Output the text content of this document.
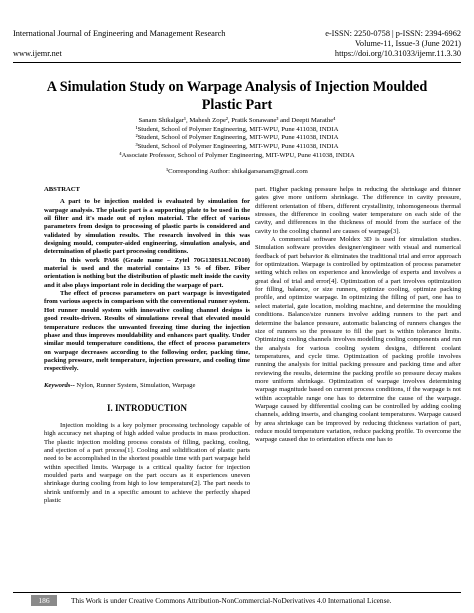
International Journal of Engineering and Management Research	e-ISSN: 2250-0758 | p-ISSN: 2394-6962
Volume-11, Issue-3 (June 2021)
www.ijemr.net	https://doi.org/10.31033/ijemr.11.3.30
A Simulation Study on Warpage Analysis of Injection Moulded Plastic Part
Sanam Shikalgar¹, Mahesh Zope², Pratik Sonawane³ and Deepti Marathe⁴
¹Student, School of Polymer Engineering, MIT-WPU, Pune 411038, INDIA
²Student, School of Polymer Engineering, MIT-WPU, Pune 411038, INDIA
³Student, School of Polymer Engineering, MIT-WPU, Pune 411038, INDIA
⁴Associate Professor, School of Polymer Engineering, MIT-WPU, Pune 411038, INDIA
¹Corresponding Author: shikalgarsanam@gmail.com
ABSTRACT

A part to be injection molded is evaluated by simulation for warpage analysis. The plastic part is a supporting plate to be used in the oil filter and it's made out of nylon material. The effect of various parameters from design to processing of plastic parts is considered and validated by simulation results. The research involved in this was designing mould, computer-aided engineering, simulation analysis, and determination of plastic part processing conditions.

In this work PA66 (Grade name – Zytel 70G13HS1LNC010) material is used and the material contains 13 % of fiber. Fiber orientation is nothing but the distribution of plastic melt inside the cavity and it also plays important role in deciding the warpage of part.

The effect of process parameters on part warpage is investigated from various aspects in comparison with the conventional runner system. Hot runner mould system with innovative cooling channel designs is good results-driven. Results of simulations reveal that elevated mould temperature reduces the unwanted freezing time during the injection phase and thus improves mouldability and enhances part quality. Under similar mould temperature conditions, the effect of process parameters on warpage decreases according to the following order, packing time, packing pressure, melt temperature, injection pressure, and cooling time respectively.

Keywords-- Nylon, Runner System, Simulation, Warpage

I. INTRODUCTION

Injection molding is a key polymer processing technology capable of high accuracy net shaping of high added value products in mass production. The plastic injection molding process consists of filling, packing, cooling, and ejection of a part process[1]. Cooling and solidification of plastic parts need to be accomplished in the shortest possible time with part warpage held within specified limits. Warpage is a critical quality factor for injection moulded parts and warpage on the part occurs as it experiences uneven shrinkage during cooling from high to low temperature[2]. The part needs to shrink uniformly and in a specific amount to achieve the perfectly shaped plastic

part. Higher packing pressure helps in reducing the shrinkage and thinner gates give more uniform shrinkage. The difference in cavity pressure, different orientation of fibers, different crystallinity, inhomogeneous thermal stresses, the difference in cooling water temperature on each side of the cavity, and differences in the thickness of mould from the surface of the cavity to the cooling channel are causes of warpage[3].

A commercial software Moldex 3D is used for simulation studies. Simulation software provides designer/engineer with visual and numerical feedback of part behavior & eliminates the traditional trial and error approach for optimization. Warpage is controlled by optimization of process parameter setting which relies on experience and knowledge of experts and involves a great deal of trial and error[4]. Optimization of a part involves optimization for filling, balance, or size runners, optimize cooling, optimize packing profile, and optimize warpage. In optimizing the filling of part, one has to select material, gate location, molding machine, and determine the moulding conditions. Balance/size runners involve adding runners to the part and determine the balance pressure, automatic balancing of runners changes the size of runners so the pressure to fill the part is within tolerance limits. Optimizing cooling channels involves modelling cooling components and run the analysis for various cooling system designs, different coolant temperatures, and cycle time. Optimization of packing profile involves running the analysis for initial packing pressure and packing time and after reviewing the results, determine the packing profile so pressure decay makes more uniform shrinkage. Optimization of warpage involves determining warpage magnitude based on current process conditions, if the warpage is not within acceptable range one has to determine the cause of the warpage. Warpage caused by differential cooling can be controlled by adding cooling channels, adding inserts, and changing coolant temperatures. Warpage caused by area shrinkage can be improved by reducing thickness variation of part, reduce mould temperature variation, reduce packing profile. To overcome the warpage caused due to orientation effects one has to

186	This Work is under Creative Commons Attribution-NonCommercial-NoDerivatives 4.0 International License.
